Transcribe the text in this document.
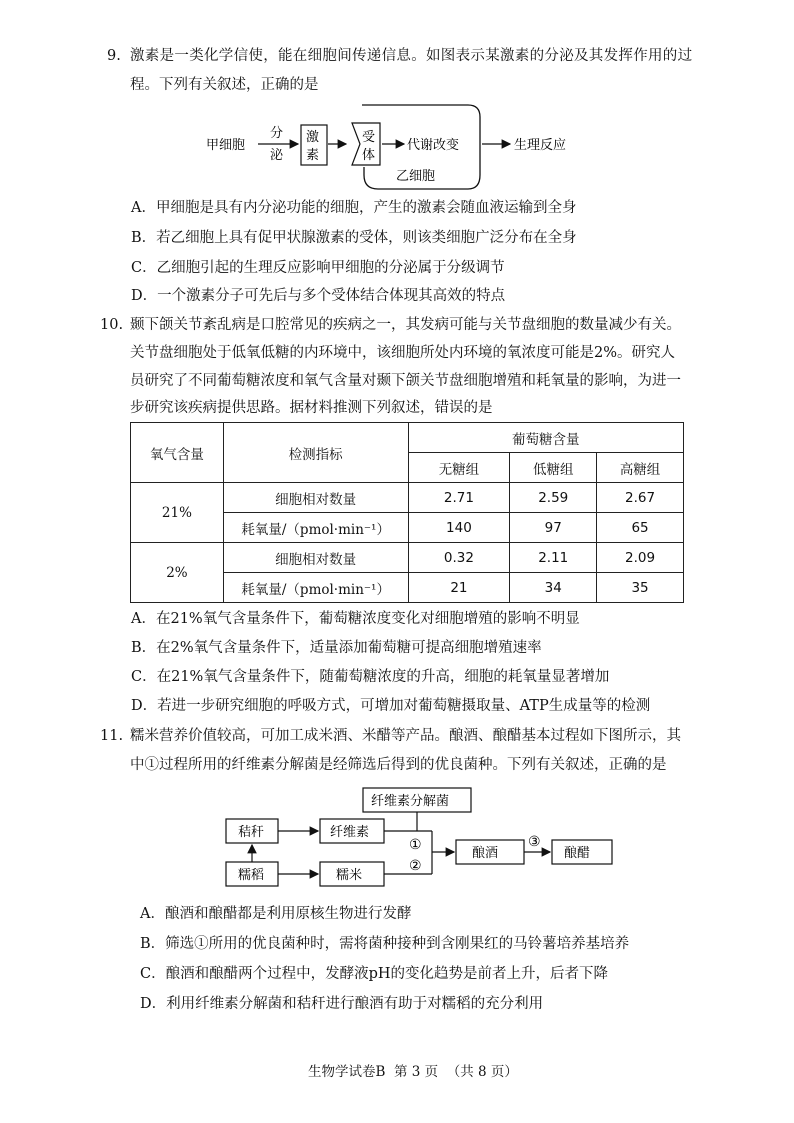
9. 激素是一类化学信使，能在细胞间传递信息。如图表示某激素的分泌及其发挥作用的过
程。下列有关叙述，正确的是
甲细胞
分
泌
激
素
受
体
代谢改变
乙细胞
生理反应
A．甲细胞是具有内分泌功能的细胞，产生的激素会随血液运输到全身
B．若乙细胞上具有促甲状腺激素的受体，则该类细胞广泛分布在全身
C．乙细胞引起的生理反应影响甲细胞的分泌属于分级调节
D．一个激素分子可先后与多个受体结合体现其高效的特点
10. 颞下颌关节紊乱病是口腔常见的疾病之一，其发病可能与关节盘细胞的数量减少有关。
关节盘细胞处于低氧低糖的内环境中，该细胞所处内环境的氧浓度可能是2%。研究人
员研究了不同葡萄糖浓度和氧气含量对颞下颌关节盘细胞增殖和耗氧量的影响，为进一
步研究该疾病提供思路。据材料推测下列叙述，错误的是
氧气含量	检测指标	葡萄糖含量		
		无糖组	低糖组	高糖组
21%	细胞相对数量	2.71	2.59	2.67
	耗氧量/（pmol·min⁻¹）	140	97	65
2%	细胞相对数量	0.32	2.11	2.09
	耗氧量/（pmol·min⁻¹）	21	34	35
A．在21%氧气含量条件下，葡萄糖浓度变化对细胞增殖的影响不明显
B．在2%氧气含量条件下，适量添加葡萄糖可提高细胞增殖速率
C．在21%氧气含量条件下，随葡萄糖浓度的升高，细胞的耗氧量显著增加
D．若进一步研究细胞的呼吸方式，可增加对葡萄糖摄取量、ATP生成量等的检测
11. 糯米营养价值较高，可加工成米酒、米醋等产品。酿酒、酿醋基本过程如下图所示，其
中①过程所用的纤维素分解菌是经筛选后得到的优良菌种。下列有关叙述，正确的是
纤维素分解菌
秸秆	纤维素
糯稻	糯米
酿酒	酿醋
①
②
③
A．酿酒和酿醋都是利用原核生物进行发酵
B．筛选①所用的优良菌种时，需将菌种接种到含刚果红的马铃薯培养基培养
C．酿酒和酿醋两个过程中，发酵液pH的变化趋势是前者上升，后者下降
D．利用纤维素分解菌和秸秆进行酿酒有助于对糯稻的充分利用
生物学试卷B  第 3 页  （共 8 页）
